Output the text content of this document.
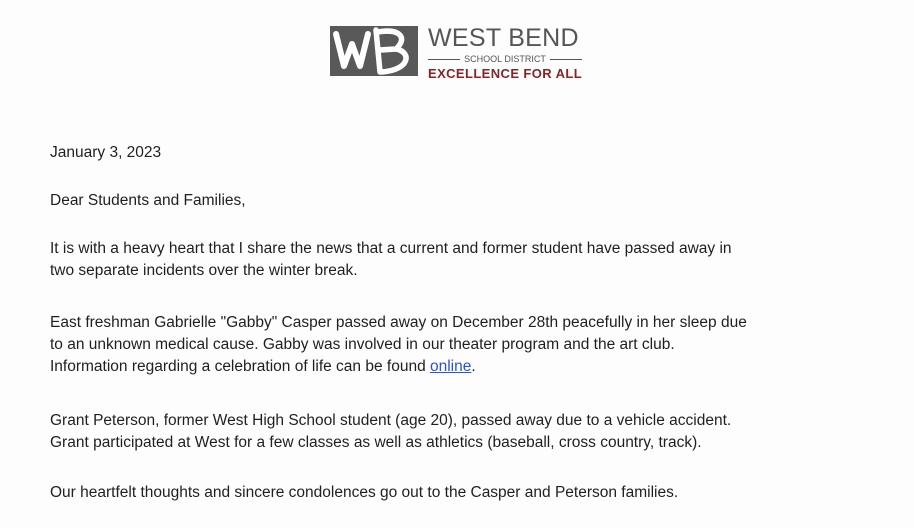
WEST BEND
SCHOOL DISTRICT
EXCELLENCE FOR ALL

January 3, 2023

Dear Students and Families,

It is with a heavy heart that I share the news that a current and former student have passed away in
two separate incidents over the winter break.

East freshman Gabrielle "Gabby" Casper passed away on December 28th peacefully in her sleep due
to an unknown medical cause. Gabby was involved in our theater program and the art club.
Information regarding a celebration of life can be found online.

Grant Peterson, former West High School student (age 20), passed away due to a vehicle accident.
Grant participated at West for a few classes as well as athletics (baseball, cross country, track).

Our heartfelt thoughts and sincere condolences go out to the Casper and Peterson families.
